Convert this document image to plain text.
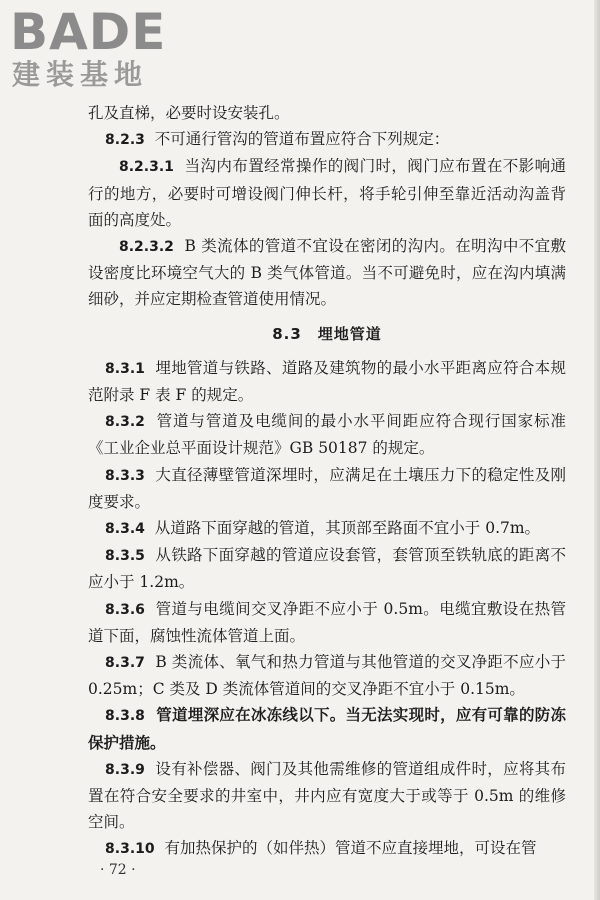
BADE
建装基地

孔及直梯，必要时设安装孔。

8.2.3 不可通行管沟的管道布置应符合下列规定：

8.2.3.1 当沟内布置经常操作的阀门时，阀门应布置在不影响通行的地方，必要时可增设阀门伸长杆，将手轮引伸至靠近活动沟盖背面的高度处。

8.2.3.2 B 类流体的管道不宜设在密闭的沟内。在明沟中不宜敷设密度比环境空气大的 B 类气体管道。当不可避免时，应在沟内填满细砂，并应定期检查管道使用情况。

8.3　埋地管道

8.3.1 埋地管道与铁路、道路及建筑物的最小水平距离应符合本规范附录 F 表 F 的规定。

8.3.2 管道与管道及电缆间的最小水平间距应符合现行国家标准《工业企业总平面设计规范》GB 50187 的规定。

8.3.3 大直径薄壁管道深埋时，应满足在土壤压力下的稳定性及刚度要求。

8.3.4 从道路下面穿越的管道，其顶部至路面不宜小于 0.7m。

8.3.5 从铁路下面穿越的管道应设套管，套管顶至铁轨底的距离不应小于 1.2m。

8.3.6 管道与电缆间交叉净距不应小于 0.5m。电缆宜敷设在热管道下面，腐蚀性流体管道上面。

8.3.7 B 类流体、氧气和热力管道与其他管道的交叉净距不应小于 0.25m；C 类及 D 类流体管道间的交叉净距不宜小于 0.15m。

8.3.8 管道埋深应在冰冻线以下。当无法实现时，应有可靠的防冻保护措施。

8.3.9 设有补偿器、阀门及其他需维修的管道组成件时，应将其布置在符合安全要求的井室中，井内应有宽度大于或等于 0.5m 的维修空间。

8.3.10 有加热保护的（如伴热）管道不应直接埋地，可设在管

· 72 ·
